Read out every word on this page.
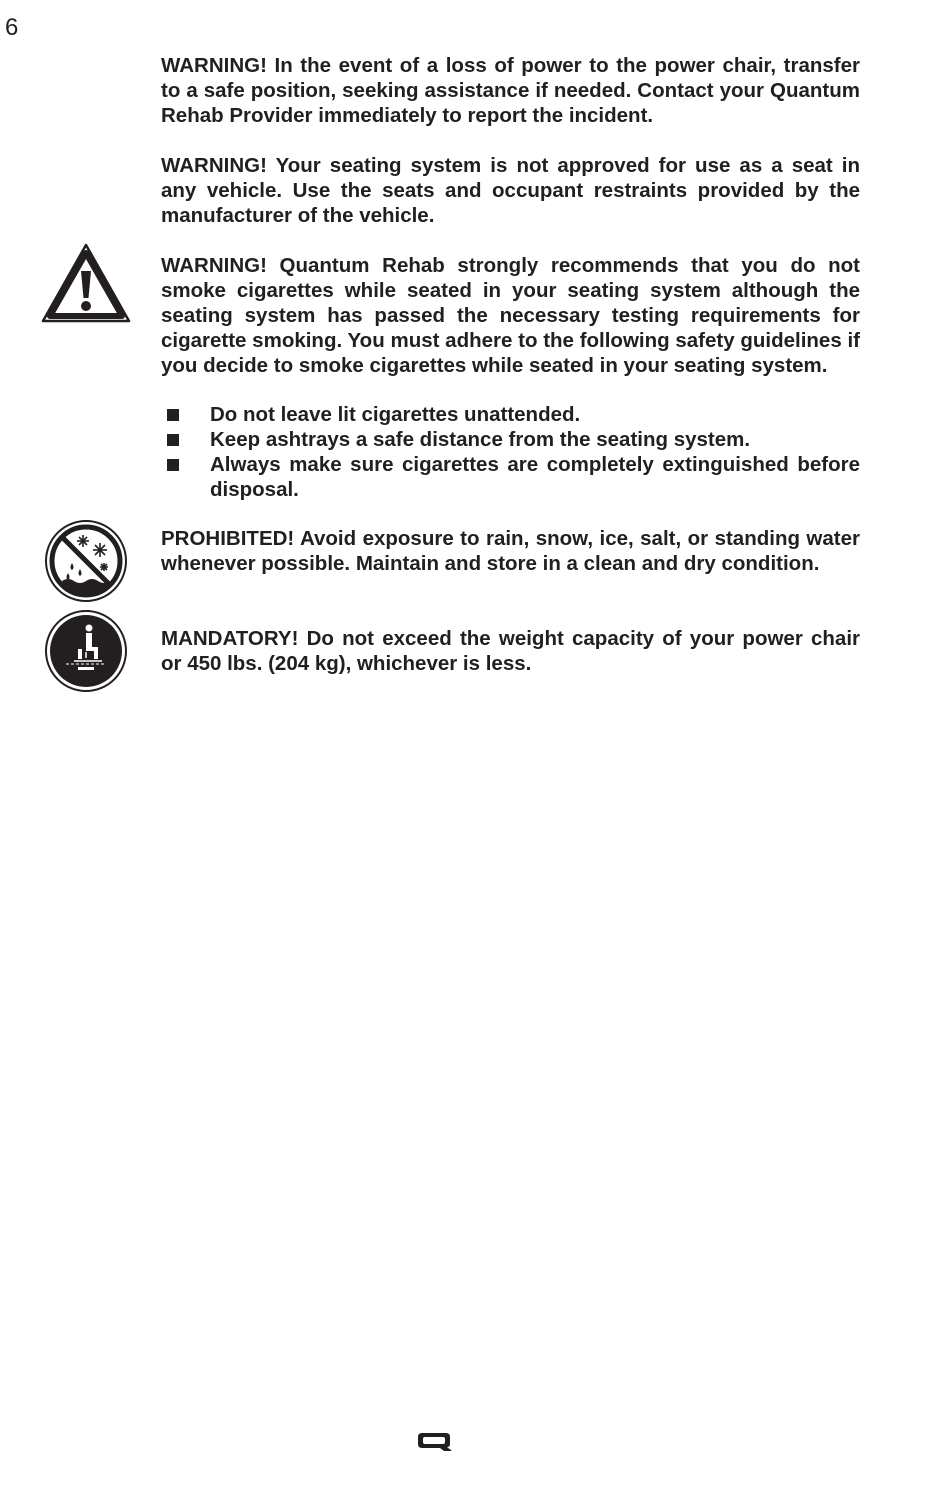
6

WARNING! In the event of a loss of power to the power chair, transfer to a safe position, seeking assistance if needed. Contact your Quantum Rehab Provider immediately to report the incident.

WARNING! Your seating system is not approved for use as a seat in any vehicle. Use the seats and occupant restraints provided by the manufacturer of the vehicle.

WARNING! Quantum Rehab strongly recommends that you do not smoke cigarettes while seated in your seating system although the seating system has passed the necessary testing requirements for cigarette smoking. You must adhere to the following safety guidelines if you decide to smoke cigarettes while seated in your seating system.

Do not leave lit cigarettes unattended.
Keep ashtrays a safe distance from the seating system.
Always make sure cigarettes are completely extinguished before disposal.

PROHIBITED! Avoid exposure to rain, snow, ice, salt, or standing water whenever possible. Maintain and store in a clean and dry condition.

MANDATORY! Do not exceed the weight capacity of your power chair or 450 lbs. (204 kg), whichever is less.
